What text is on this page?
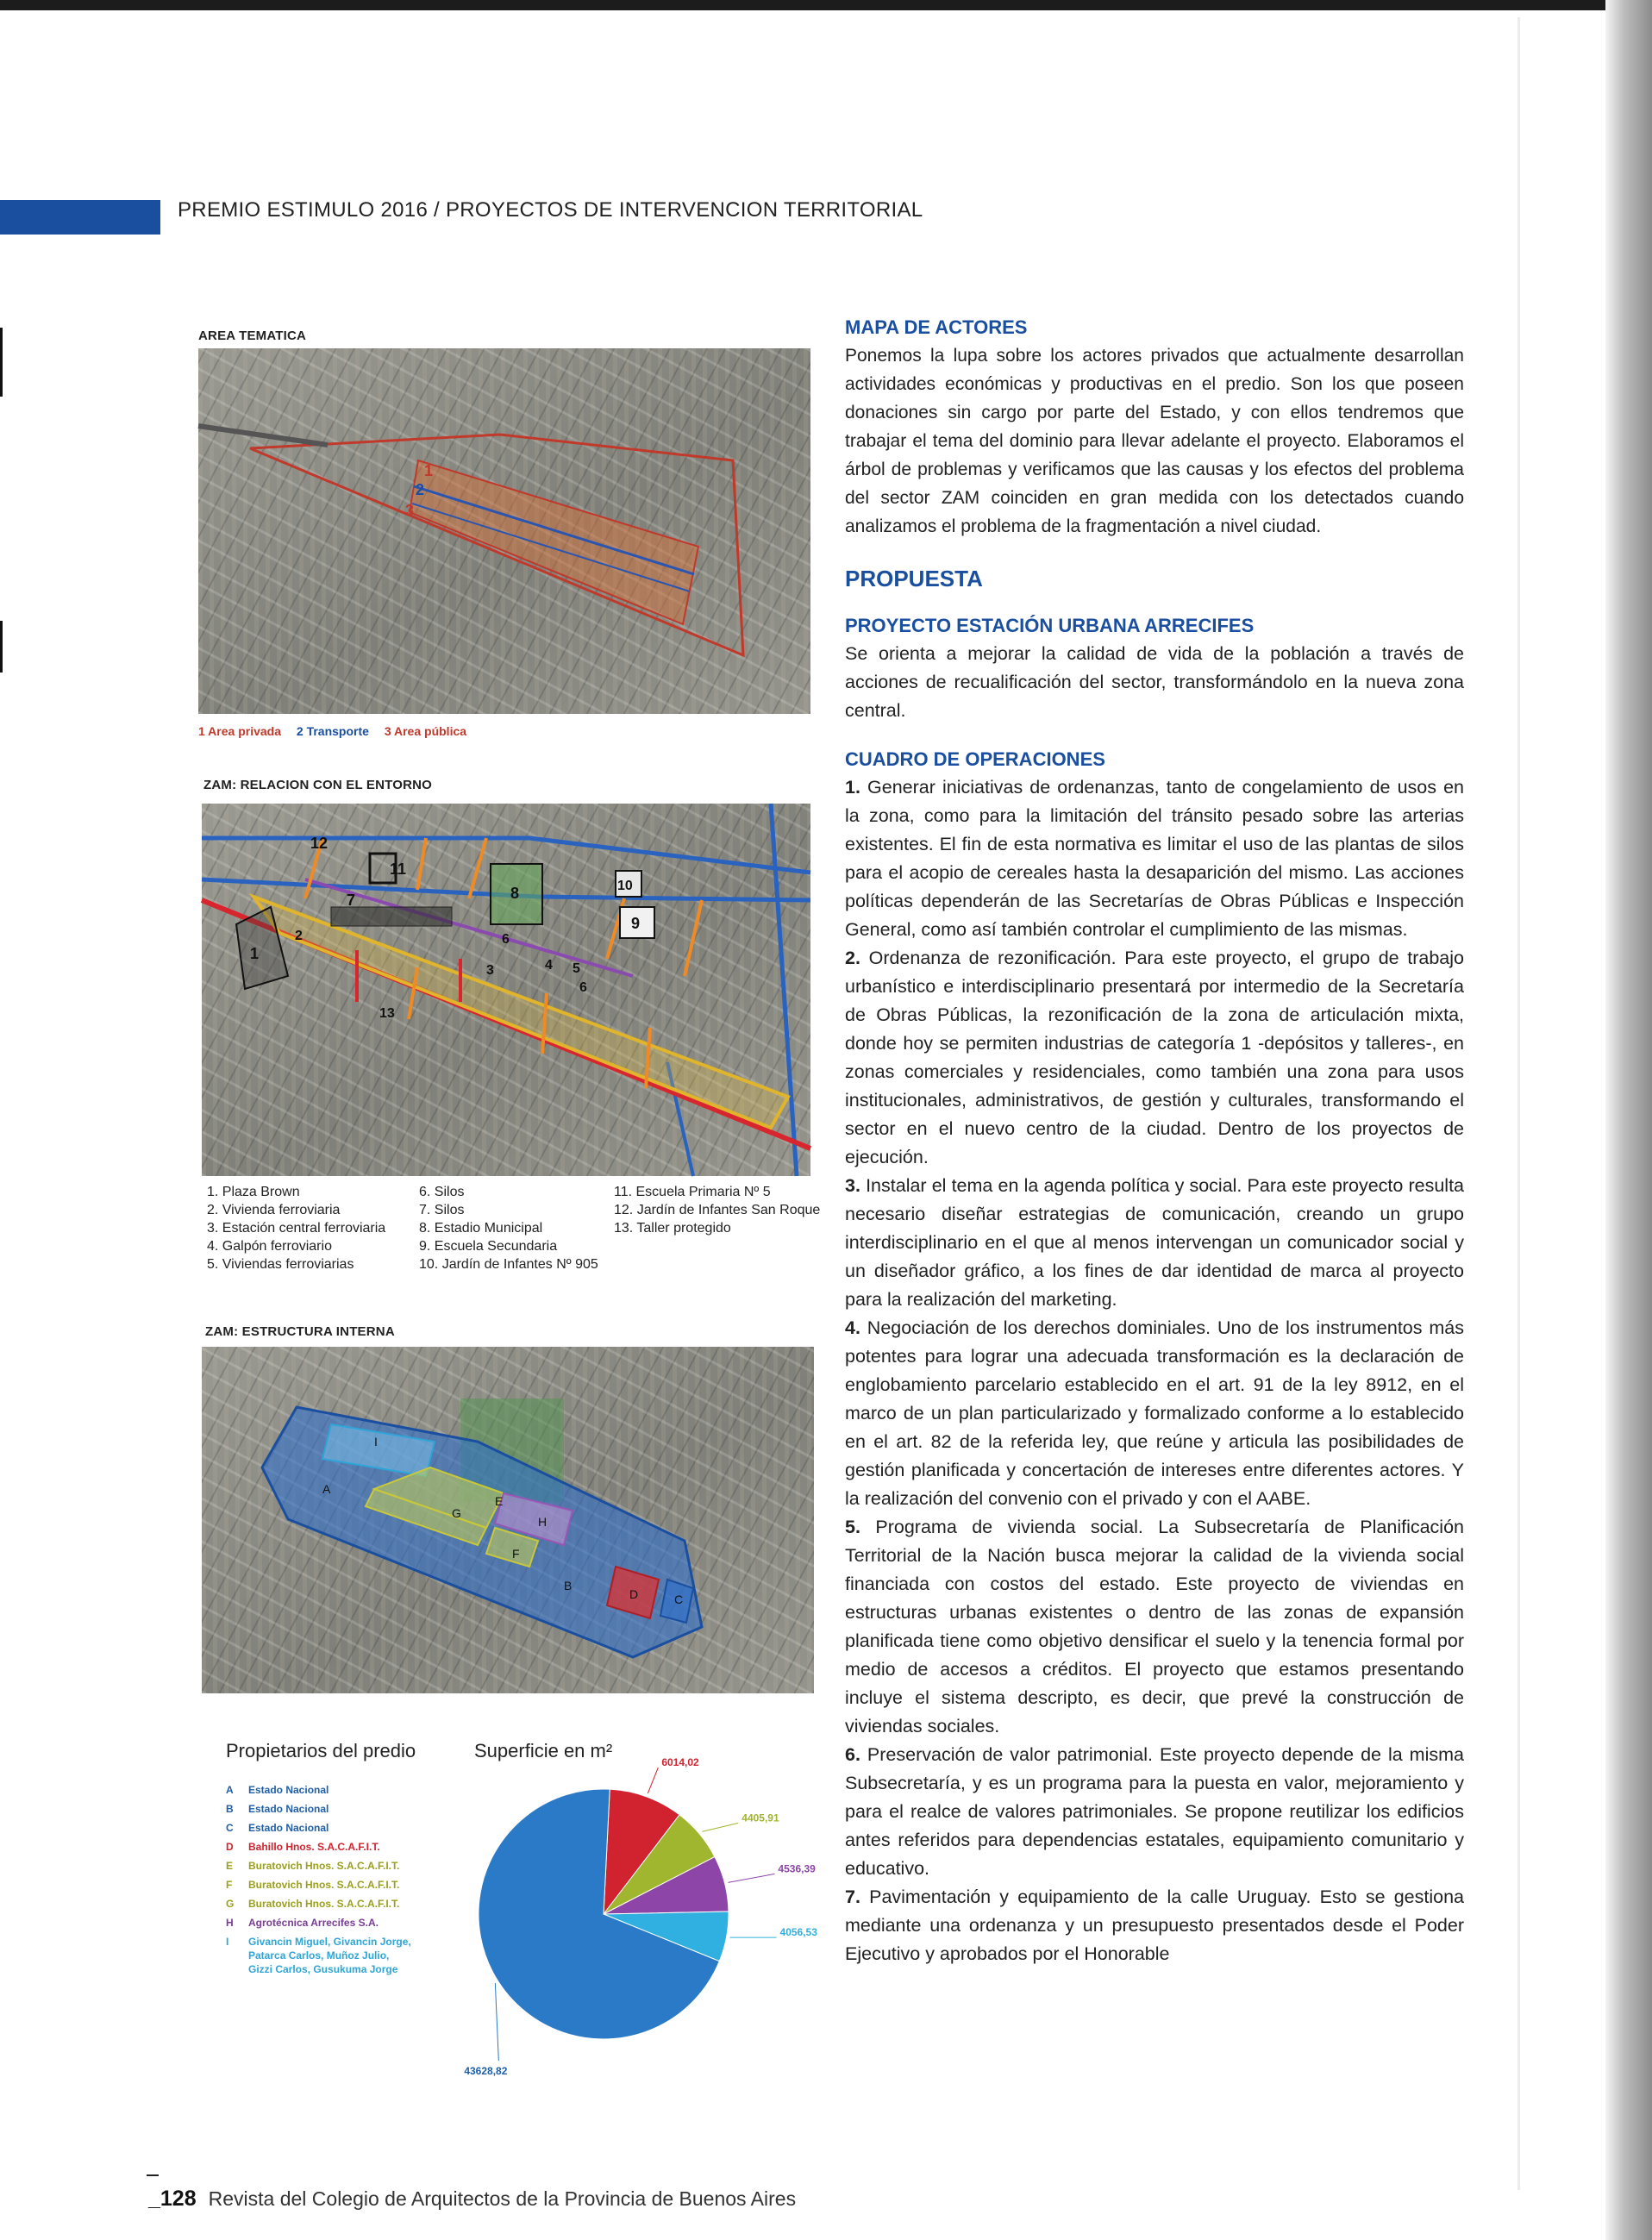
PREMIO ESTIMULO 2016 / PROYECTOS DE INTERVENCION TERRITORIAL
AREA TEMATICA
1
2
3
1 Area privada 2 Transporte 3 Area pública
ZAM: RELACION CON EL ENTORNO
12
11
10
9
8
7
6
6
5
4
3
2
1
13
1. Plaza Brown
2. Vivienda ferroviaria
3. Estación central ferroviaria
4. Galpón ferroviario
5. Viviendas ferroviarias
6. Silos
7. Silos
8. Estadio Municipal
9. Escuela Secundaria
10. Jardín de Infantes Nº 905
11. Escuela Primaria Nº 5
12. Jardín de Infantes San Roque
13. Taller protegido
ZAM: ESTRUCTURA INTERNA
A
B
C
D
E
F
G
H
I
Propietarios del predio	Superficie en m²
A Estado Nacional
B Estado Nacional
C Estado Nacional
D Bahillo Hnos. S.A.C.A.F.I.T.
E Buratovich Hnos. S.A.C.A.F.I.T.
F Buratovich Hnos. S.A.C.A.F.I.T.
G Buratovich Hnos. S.A.C.A.F.I.T.
H Agrotécnica Arrecifes S.A.
I Givancin Miguel, Givancin Jorge,
Patarca Carlos, Muñoz Julio,
Gizzi Carlos, Gusukuma Jorge
6014,02
4405,91
4536,39
4056,53
43628,82
MAPA DE ACTORES

Ponemos la lupa sobre los actores privados que actualmente desarrollan actividades económicas y productivas en el predio. Son los que poseen donaciones sin cargo por parte del Estado, y con ellos tendremos que trabajar el tema del dominio para llevar adelante el proyecto. Elaboramos el árbol de problemas y verificamos que las causas y los efectos del problema del sector ZAM coinciden en gran medida con los detectados cuando analizamos el problema de la fragmentación a nivel ciudad.

PROPUESTA
PROYECTO ESTACIÓN URBANA ARRECIFES

Se orienta a mejorar la calidad de vida de la población a través de acciones de recualificación del sector, transformándolo en la nueva zona central.

CUADRO DE OPERACIONES

1. Generar iniciativas de ordenanzas, tanto de congelamiento de usos en la zona, como para la limitación del tránsito pesado sobre las arterias existentes. El fin de esta normativa es limitar el uso de las plantas de silos para el acopio de cereales hasta la desaparición del mismo. Las acciones políticas dependerán de las Secretarías de Obras Públicas e Inspección General, como así también controlar el cumplimiento de las mismas.

2. Ordenanza de rezonificación. Para este proyecto, el grupo de trabajo urbanístico e interdisciplinario presentará por intermedio de la Secretaría de Obras Públicas, la rezonificación de la zona de articulación mixta, donde hoy se permiten industrias de categoría 1 -depósitos y talleres-, en zonas comerciales y residenciales, como también una zona para usos institucionales, administrativos, de gestión y culturales, transformando el sector en el nuevo centro de la ciudad. Dentro de los proyectos de ejecución.

3. Instalar el tema en la agenda política y social. Para este proyecto resulta necesario diseñar estrategias de comunicación, creando un grupo interdisciplinario en el que al menos intervengan un comunicador social y un diseñador gráfico, a los fines de dar identidad de marca al proyecto para la realización del marketing.

4. Negociación de los derechos dominiales. Uno de los instrumentos más potentes para lograr una adecuada transformación es la declaración de englobamiento parcelario establecido en el art. 91 de la ley 8912, en el marco de un plan particularizado y formalizado conforme a lo establecido en el art. 82 de la referida ley, que reúne y articula las posibilidades de gestión planificada y concertación de intereses entre diferentes actores. Y la realización del convenio con el privado y con el AABE.

5. Programa de vivienda social. La Subsecretaría de Planificación Territorial de la Nación busca mejorar la calidad de la vivienda social financiada con costos del estado. Este proyecto de viviendas en estructuras urbanas existentes o dentro de las zonas de expansión planificada tiene como objetivo densificar el suelo y la tenencia formal por medio de accesos a créditos. El proyecto que estamos presentando incluye el sistema descripto, es decir, que prevé la construcción de viviendas sociales.

6. Preservación de valor patrimonial. Este proyecto depende de la misma Subsecretaría, y es un programa para la puesta en valor, mejoramiento y para el realce de valores patrimoniales. Se propone reutilizar los edificios antes referidos para dependencias estatales, equipamiento comunitario y educativo.

7. Pavimentación y equipamiento de la calle Uruguay. Esto se gestiona mediante una ordenanza y un presupuesto presentados desde el Poder Ejecutivo y aprobados por el Honorable

_128 Revista del Colegio de Arquitectos de la Provincia de Buenos Aires
